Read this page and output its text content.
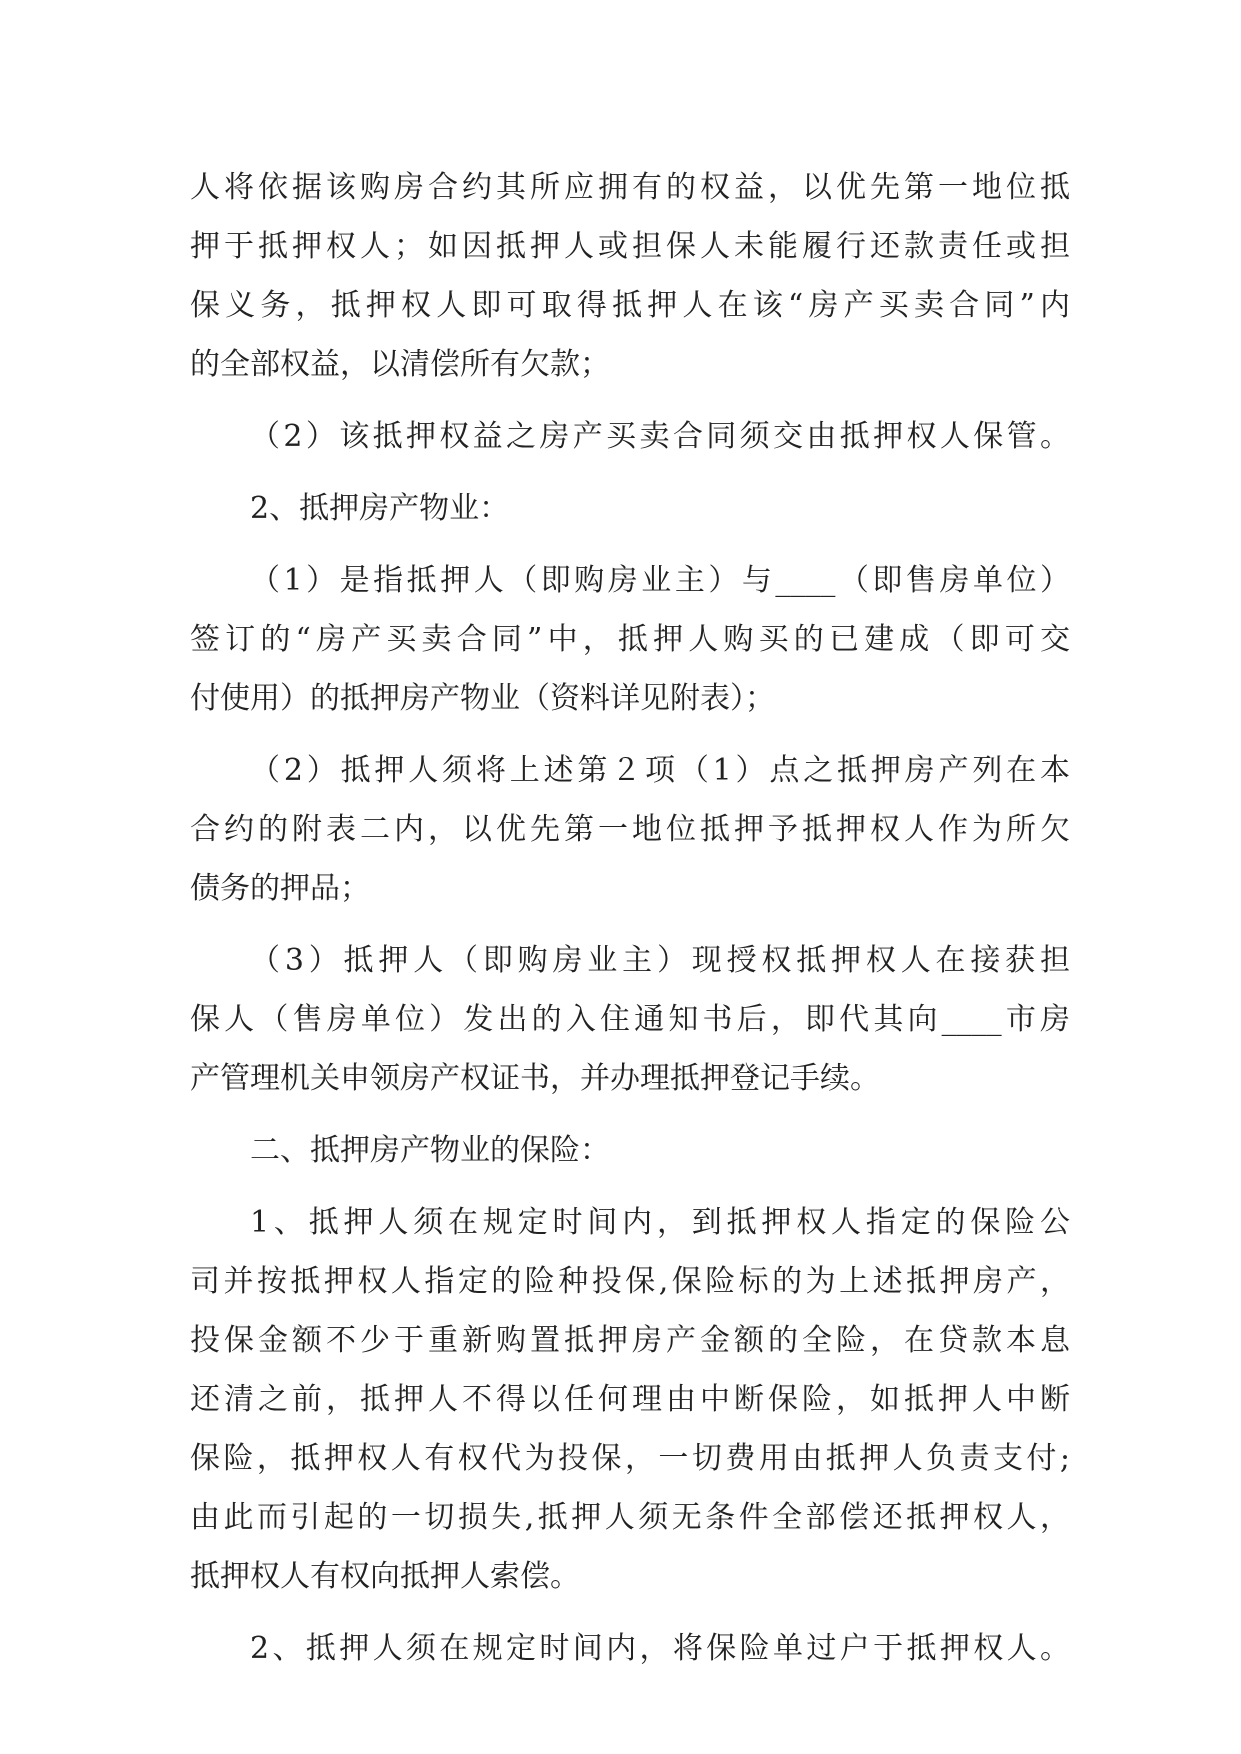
人将依据该购房合约其所应拥有的权益，以优先第一地位抵
押于抵押权人；如因抵押人或担保人未能履行还款责任或担
保义务，抵押权人即可取得抵押人在该“房产买卖合同”内
的全部权益，以清偿所有欠款；
（2）该抵押权益之房产买卖合同须交由抵押权人保管。
2、抵押房产物业：
（1）是指抵押人（即购房业主）与____（即售房单位）
签订的“房产买卖合同”中，抵押人购买的已建成（即可交
付使用）的抵押房产物业（资料详见附表）；
（2）抵押人须将上述第２项（1）点之抵押房产列在本
合约的附表二内，以优先第一地位抵押予抵押权人作为所欠
债务的押品；
（3）抵押人（即购房业主）现授权抵押权人在接获担
保人（售房单位）发出的入住通知书后，即代其向____市房
产管理机关申领房产权证书，并办理抵押登记手续。
二、抵押房产物业的保险：
1、抵押人须在规定时间内，到抵押权人指定的保险公
司并按抵押权人指定的险种投保,保险标的为上述抵押房产，
投保金额不少于重新购置抵押房产金额的全险，在贷款本息
还清之前，抵押人不得以任何理由中断保险，如抵押人中断
保险，抵押权人有权代为投保，一切费用由抵押人负责支付;
由此而引起的一切损失,抵押人须无条件全部偿还抵押权人，
抵押权人有权向抵押人索偿。
2、抵押人须在规定时间内，将保险单过户于抵押权人。
